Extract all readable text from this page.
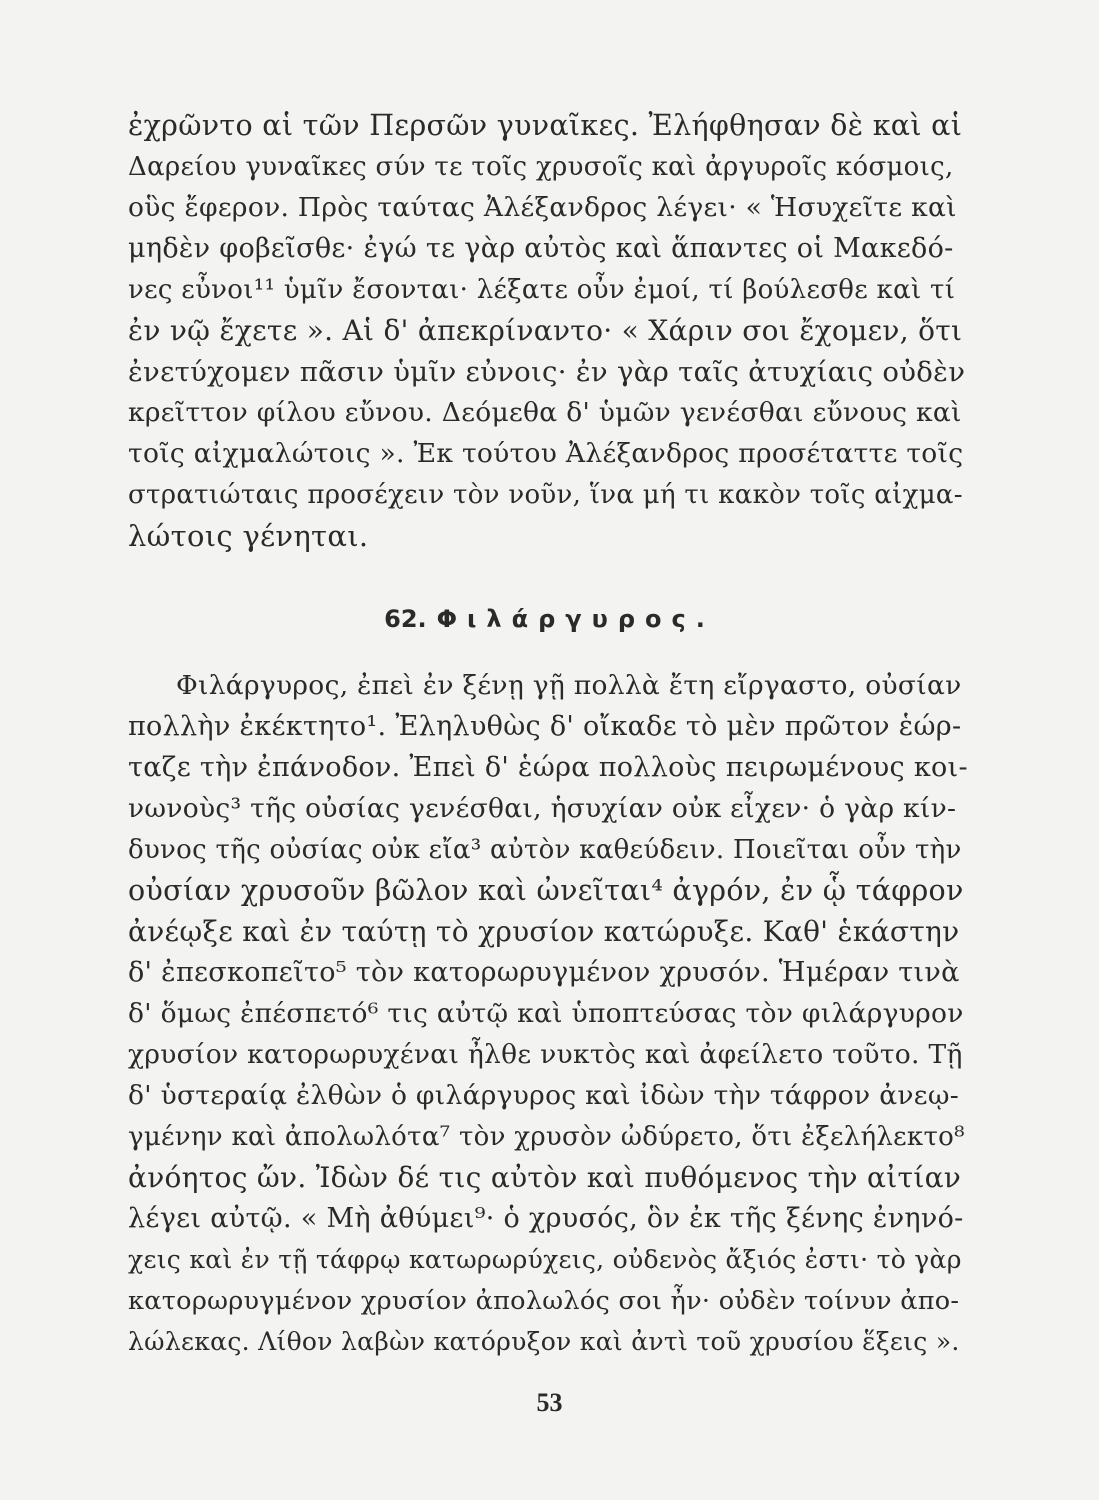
ἐχρῶντο αἱ τῶν Περσῶν γυναῖκες. Ἐλήφθησαν δὲ καὶ αἱ
Δαρείου γυναῖκες σύν τε τοῖς χρυσοῖς καὶ ἀργυροῖς κόσμοις,
οὓς ἔφερον. Πρὸς ταύτας Ἀλέξανδρος λέγει· « Ἡσυχεῖτε καὶ
μηδὲν φοβεῖσθε· ἐγώ τε γὰρ αὐτὸς καὶ ἅπαντες οἱ Μακεδό-
νες εὖνοι¹¹ ὑμῖν ἔσονται· λέξατε οὖν ἐμοί, τί βούλεσθε καὶ τί
ἐν νῷ ἔχετε ». Αἱ δ' ἀπεκρίναντο· « Χάριν σοι ἔχομεν, ὅτι
ἐνετύχομεν πᾶσιν ὑμῖν εὐνοις· ἐν γὰρ ταῖς ἀτυχίαις οὐδὲν
κρεῖττον φίλου εὔνου. Δεόμεθα δ' ὑμῶν γενέσθαι εὔνους καὶ
τοῖς αἰχμαλώτοις ». Ἐκ τούτου Ἀλέξανδρος προσέταττε τοῖς
στρατιώταις προσέχειν τὸν νοῦν, ἵνα μή τι κακὸν τοῖς αἰχμα-
λώτοις γένηται.
62. Φιλάργυρος.
Φιλάργυρος, ἐπεὶ ἐν ξένῃ γῇ πολλὰ ἔτη εἴργαστο, οὐσίαν
πολλὴν ἐκέκτητο¹. Ἐληλυθὼς δ' οἴκαδε τὸ μὲν πρῶτον ἑώρ-
ταζε τὴν ἐπάνοδον. Ἐπεὶ δ' ἑώρα πολλοὺς πειρωμένους κοι-
νωνοὺς³ τῆς οὐσίας γενέσθαι, ἡσυχίαν οὐκ εἶχεν· ὁ γὰρ κίν-
δυνος τῆς οὐσίας οὐκ εἴα³ αὐτὸν καθεύδειν. Ποιεῖται οὖν τὴν
οὐσίαν χρυσοῦν βῶλον καὶ ὠνεῖται⁴ ἀγρόν, ἐν ᾧ τάφρον
ἀνέῳξε καὶ ἐν ταύτῃ τὸ χρυσίον κατώρυξε. Καθ' ἑκάστην
δ' ἐπεσκοπεῖτο⁵ τὸν κατορωρυγμένον χρυσόν. Ἡμέραν τινὰ
δ' ὅμως ἐπέσπετό⁶ τις αὐτῷ καὶ ὑποπτεύσας τὸν φιλάργυρον
χρυσίον κατορωρυχέναι ἦλθε νυκτὸς καὶ ἀφείλετο τοῦτο. Τῇ
δ' ὑστεραίᾳ ἐλθὼν ὁ φιλάργυρος καὶ ἰδὼν τὴν τάφρον ἀνεῳ-
γμένην καὶ ἀπολωλότα⁷ τὸν χρυσὸν ὠδύρετο, ὅτι ἐξελήλεκτο⁸
ἀνόητος ὤν. Ἰδὼν δέ τις αὐτὸν καὶ πυθόμενος τὴν αἰτίαν
λέγει αὐτῷ. « Μὴ ἀθύμει⁹· ὁ χρυσός, ὃν ἐκ τῆς ξένης ἐνηνό-
χεις καὶ ἐν τῇ τάφρῳ κατωρωρύχεις, οὐδενὸς ἄξιός ἐστι· τὸ γὰρ
κατορωρυγμένον χρυσίον ἀπολωλός σοι ἦν· οὐδὲν τοίνυν ἀπο-
λώλεκας. Λίθον λαβὼν κατόρυξον καὶ ἀντὶ τοῦ χρυσίου ἕξεις ».
53
